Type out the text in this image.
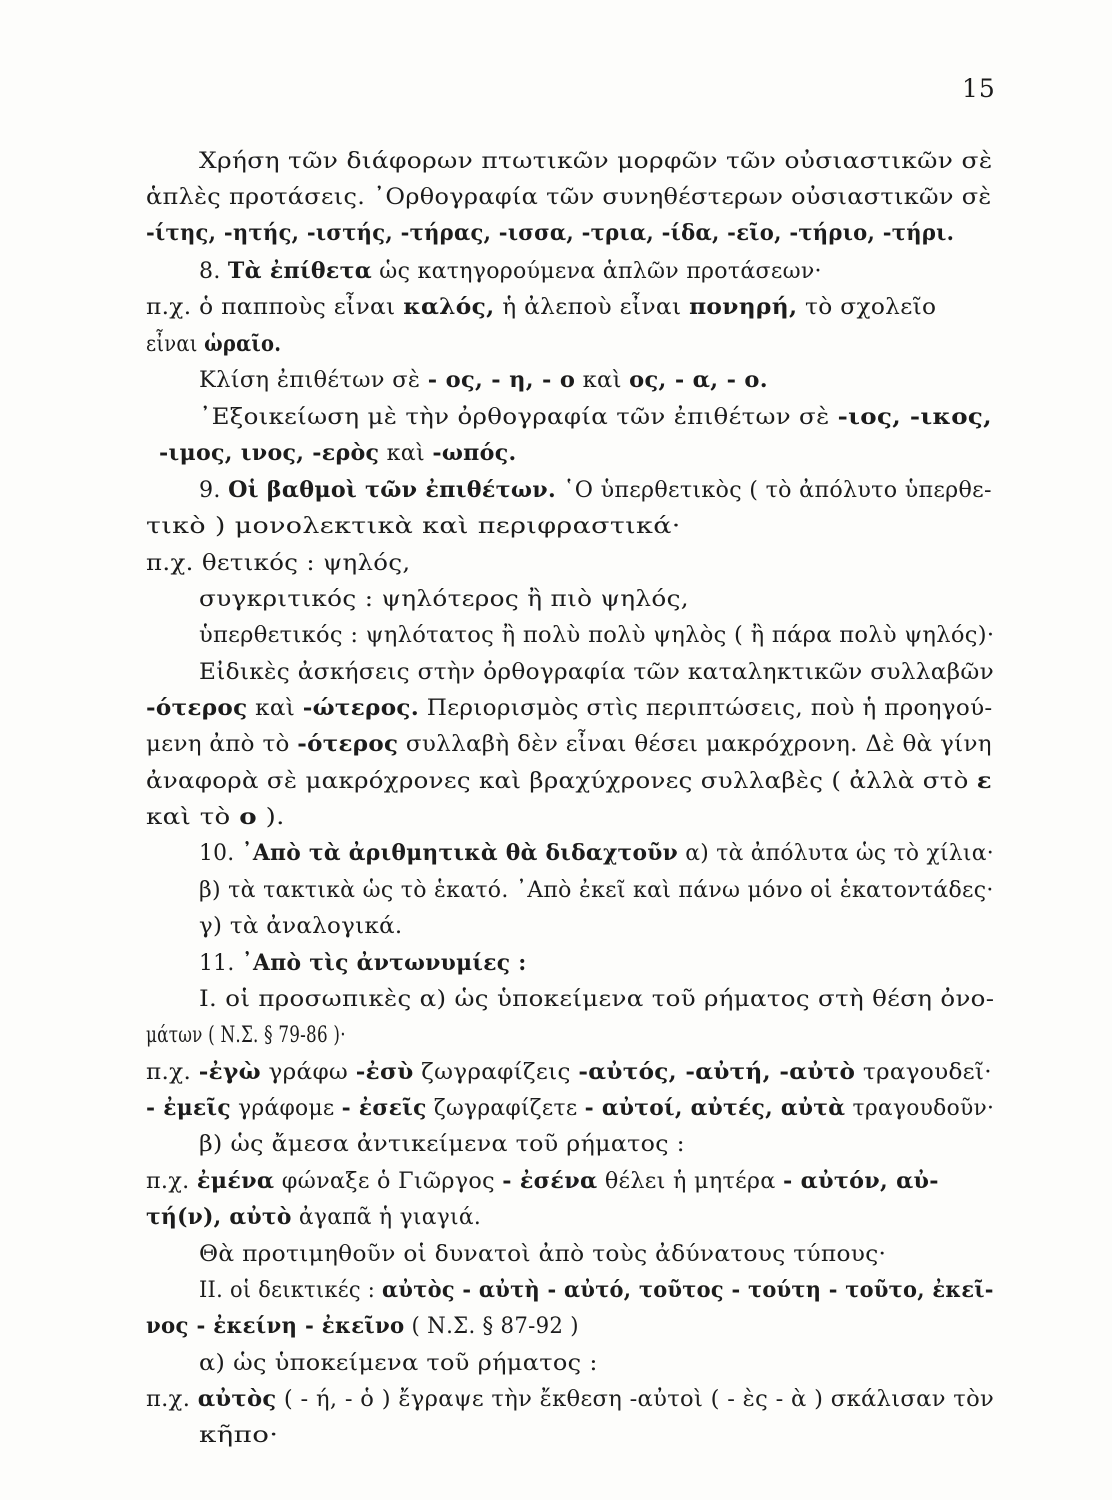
15
Χρήση τῶν διάφορων πτωτικῶν μορφῶν τῶν οὐσιαστικῶν σὲ
ἁπλὲς προτάσεις. ᾽Ορθογραφία τῶν συνηθέστερων οὐσιαστικῶν σὲ
-ίτης, -ητής, -ιστής, -τήρας, -ισσα, -τρια, -ίδα, -εῖο, -τήριο, -τήρι.
8. Τὰ ἐπίθετα ὡς κατηγορούμενα ἁπλῶν προτάσεων·
π.χ. ὁ παπποὺς εἶναι καλός, ἡ ἀλεποὺ εἶναι πονηρή, τὸ σχολεῖο
εἶναι ὡραῖο.
Κλίση ἐπιθέτων σὲ - ος, - η, - ο καὶ ος, - α, - ο.
᾽Εξοικείωση μὲ τὴν ὀρθογραφία τῶν ἐπιθέτων σὲ -ιος, -ικος,
-ιμος, ινος, -ερὸς καὶ -ωπός.
9. Οἱ βαθμοὶ τῶν ἐπιθέτων. ῾Ο ὑπερθετικὸς ( τὸ ἀπόλυτο ὑπερθε-
τικὸ ) μονολεκτικὰ καὶ περιφραστικά·
π.χ. θετικός : ψηλός,
συγκριτικός : ψηλότερος ἢ πιὸ ψηλός,
ὑπερθετικός : ψηλότατος ἢ πολὺ πολὺ ψηλὸς ( ἢ πάρα πολὺ ψηλός)·
Εἰδικὲς ἀσκήσεις στὴν ὀρθογραφία τῶν καταληκτικῶν συλλαβῶν
-ότερος καὶ -ώτερος. Περιορισμὸς στὶς περιπτώσεις, ποὺ ἡ προηγού-
μενη ἀπὸ τὸ -ότερος συλλαβὴ δὲν εἶναι θέσει μακρόχρονη. Δὲ θὰ γίνη
ἀναφορὰ σὲ μακρόχρονες καὶ βραχύχρονες συλλαβὲς ( ἀλλὰ στὸ ε
καὶ τὸ ο ).
10. ᾽Απὸ τὰ ἀριθμητικὰ θὰ διδαχτοῦν α) τὰ ἀπόλυτα ὡς τὸ χίλια·
β) τὰ τακτικὰ ὡς τὸ ἑκατό. ᾽Απὸ ἐκεῖ καὶ πάνω μόνο οἱ ἑκατοντάδες·
γ) τὰ ἀναλογικά.
11. ᾽Απὸ τὶς ἀντωνυμίες :
Ι. οἱ προσωπικὲς α) ὡς ὑποκείμενα τοῦ ρήματος στὴ θέση ὀνο-
μάτων ( Ν.Σ. § 79-86 )·
π.χ. -ἐγὼ γράφω -ἐσὺ ζωγραφίζεις -αὐτός, -αὐτή, -αὐτὸ τραγουδεῖ·
- ἐμεῖς γράφομε - ἐσεῖς ζωγραφίζετε - αὐτοί, αὐτές, αὐτὰ τραγουδοῦν·
β) ὡς ἄμεσα ἀντικείμενα τοῦ ρήματος :
π.χ. ἐμένα φώναξε ὁ Γιῶργος - ἐσένα θέλει ἡ μητέρα - αὐτόν, αὐ-
τή(ν), αὐτὸ ἀγαπᾶ ἡ γιαγιά.
Θὰ προτιμηθοῦν οἱ δυνατοὶ ἀπὸ τοὺς ἀδύνατους τύπους·
ΙΙ. οἱ δεικτικές : αὐτὸς - αὐτὴ - αὐτό, τοῦτος - τούτη - τοῦτο, ἐκεῖ-
νος - ἐκείνη - ἐκεῖνο ( Ν.Σ. § 87-92 )
α) ὡς ὑποκείμενα τοῦ ρήματος :
π.χ. αὐτὸς ( - ή, - ὁ ) ἔγραψε τὴν ἔκθεση -αὐτοὶ ( - ὲς - ὰ ) σκάλισαν τὸν
κῆπο·
